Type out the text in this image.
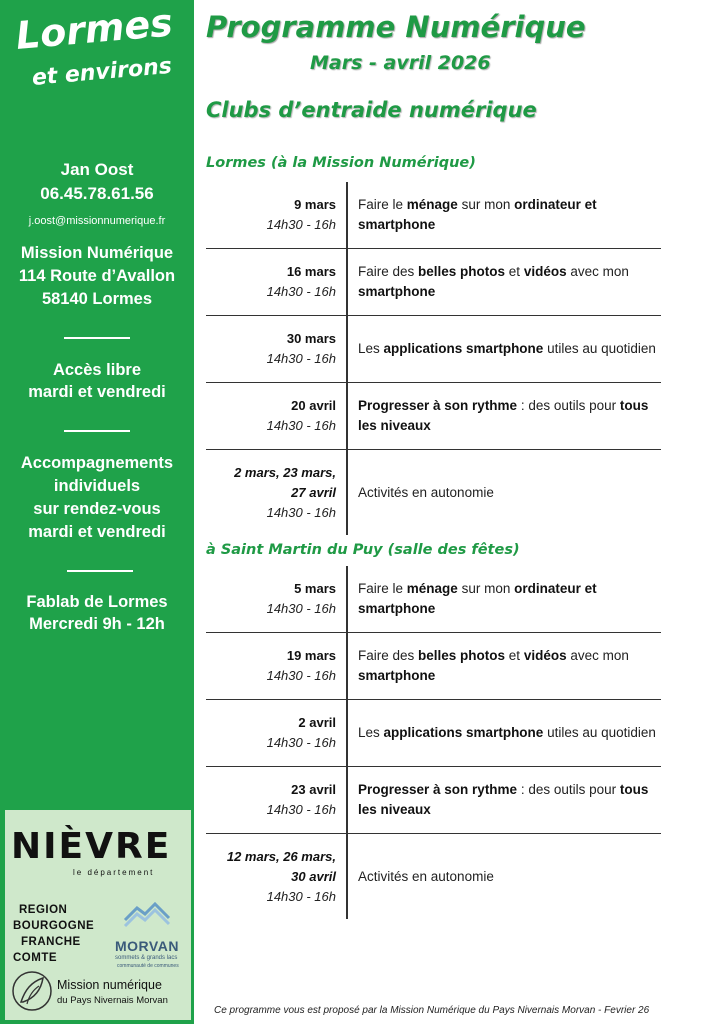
Lormes
et environs
Jan Oost
06.45.78.61.56
j.oost@missionnumerique.fr
Mission Numérique
114 Route d’Avallon
58140 Lormes
Accès libre
mardi et vendredi
Accompagnements
individuels
sur rendez-vous
mardi et vendredi
Fablab de Lormes
Mercredi 9h - 12h
NIÈVRE
le département
REGION
BOURGOGNE
FRANCHE
COMTE
MORVAN
sommets & grands lacs
communauté de communes
Mission numérique
du Pays Nivernais Morvan
Programme Numérique
Mars - avril 2026
Clubs d’entraide numérique
Lormes (à la Mission Numérique)
9 mars
14h30 - 16h
Faire le ménage sur mon ordinateur et smartphone
16 mars
14h30 - 16h
Faire des belles photos et vidéos avec mon smartphone
30 mars
14h30 - 16h
Les applications smartphone utiles au quotidien
20 avril
14h30 - 16h
Progresser à son rythme : des outils pour tous les niveaux
2 mars, 23 mars,
27 avril
14h30 - 16h
Activités en autonomie
à Saint Martin du Puy (salle des fêtes)
5 mars
14h30 - 16h
Faire le ménage sur mon ordinateur et smartphone
19 mars
14h30 - 16h
Faire des belles photos et vidéos avec mon smartphone
2 avril
14h30 - 16h
Les applications smartphone utiles au quotidien
23 avril
14h30 - 16h
Progresser à son rythme : des outils pour tous les niveaux
12 mars, 26 mars,
30 avril
14h30 - 16h
Activités en autonomie
Ce programme vous est proposé par la Mission Numérique du Pays Nivernais Morvan - Fevrier 26
